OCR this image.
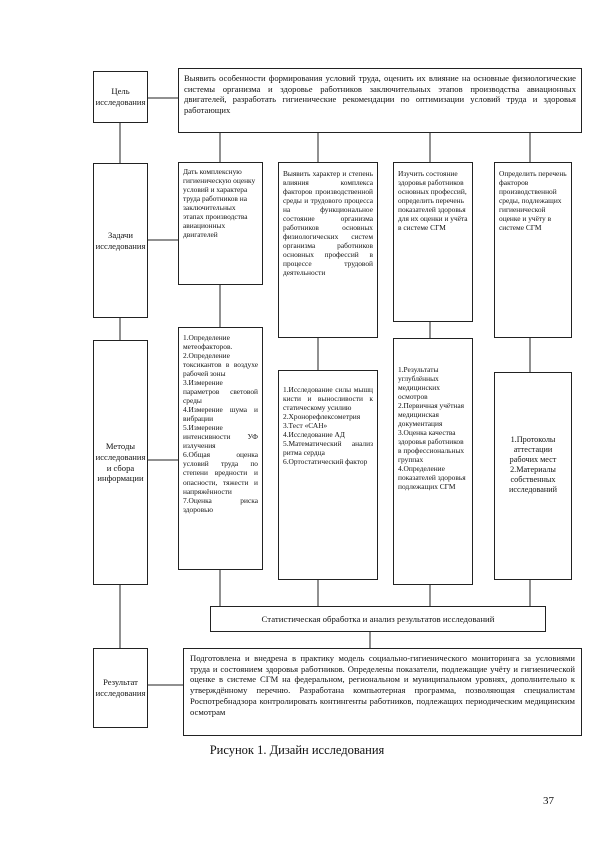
Цель исследования
Задачи исследования
Методы исследования и сбора информации
Результат исследования
Выявить особенности формирования условий труда, оценить их влияние на основные физиологические системы организма и здоровье работников заключительных этапов производства авиационных двигателей, разработать гигиенические рекомендации по оптимизации условий труда и здоровья работающих
Дать комплексную гигиеническую оценку условий и характера труда работников на заключительных этапах производства авиационных двигателей
Выявить характер и степень влияния комплекса факторов производственной среды и трудового процесса на функциональное состояние организма работников основных физиологических систем организма работников основных профессий в процессе трудовой деятельности
Изучить состояние здоровья работников основных профессий, определить перечень показателей здоровья для их оценки и учёта в системе СГМ
Определить перечень факторов производственной среды, подлежащих гигиенической оценке и учёту в системе СГМ
1.Определение метеофакторов.
2.Определение токсикантов в воздухе рабочей зоны
3.Измерение параметров световой среды
4.Измерение шума и вибрации
5.Измерение интенсивности УФ излучения
6.Общая оценка условий труда по степени вредности и опасности, тяжести и напряжённости
7.Оценка риска здоровью
1.Исследование силы мышц кисти и выносливости к статическому усилию
2.Хронорефлексометрия
3.Тест «САН»
4.Исследование АД
5.Математический анализ ритма сердца
6.Ортостатический фактор
1.Результаты углублённых медицинских осмотров
2.Первичная учётная медицинская документация
3.Оценка качества здоровья работников в профессиональных группах
4.Определение показателей здоровья подлежащих СГМ
1.Протоколы аттестации рабочих мест
2.Материалы собственных исследований
Статистическая обработка и анализ результатов исследований
Подготовлена и внедрена в практику модель социально-гигиенического мониторинга за условиями труда и состоянием здоровья работников. Определены показатели, подлежащие учёту и гигиенической оценке в системе СГМ на федеральном, региональном и муниципальном уровнях, дополнительно к утверждённому перечню. Разработана компьютерная программа, позволяющая специалистам Роспотребнадзора контролировать контингенты работников, подлежащих периодическим медицинским осмотрам
Рисунок 1. Дизайн исследования
37
